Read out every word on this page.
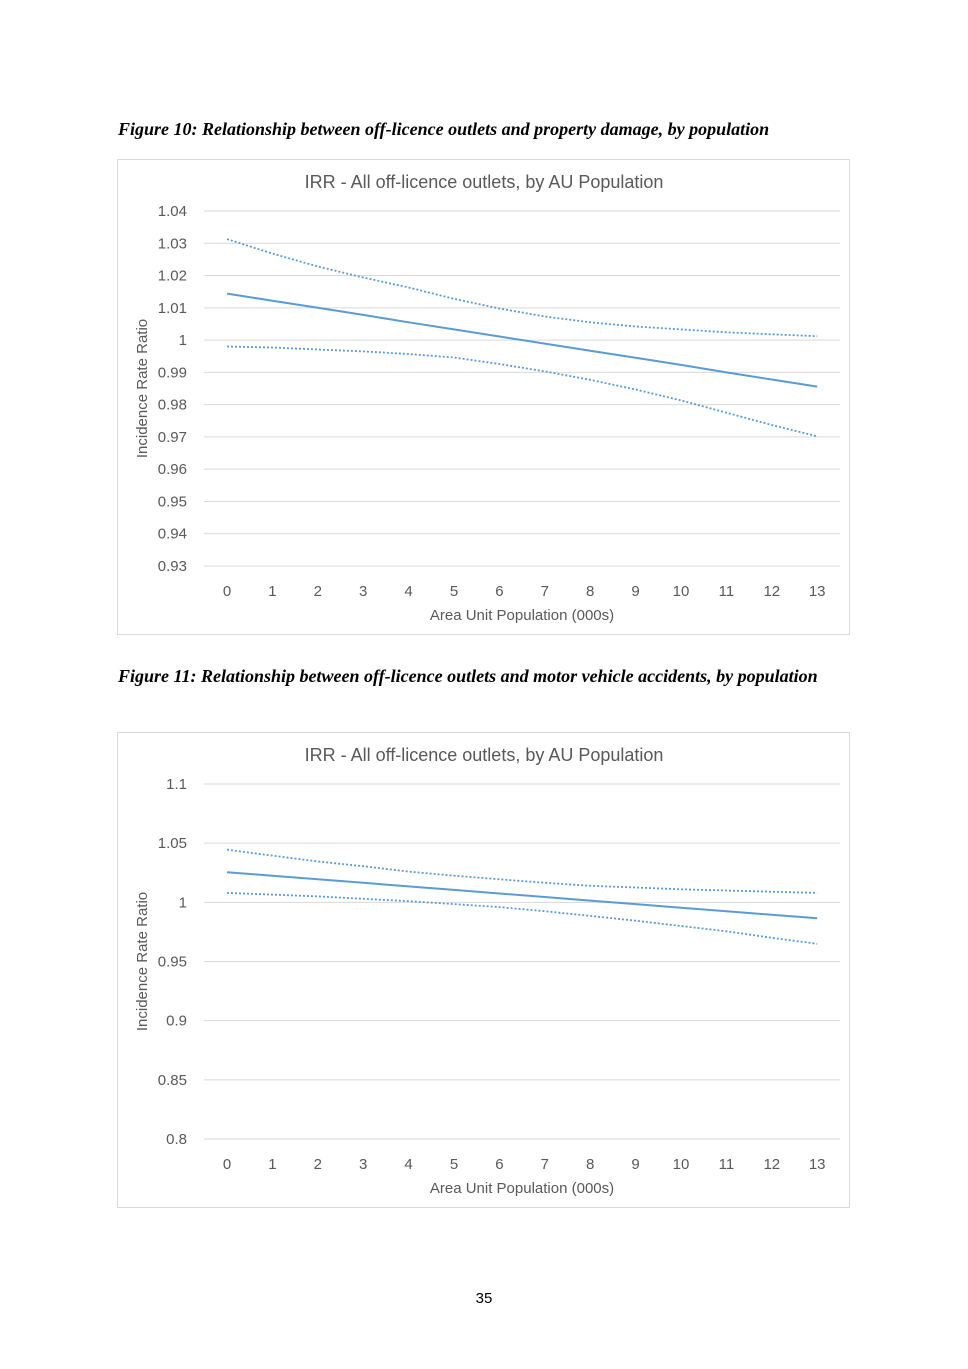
Figure 10: Relationship between off-licence outlets and property damage, by population
IRR - All off-licence outlets, by AU Population
1.04
1.03
1.02
1.01
1
0.99
0.98
0.97
0.96
0.95
0.94
0.93
0 1 2 3 4 5 6 7 8 9 10 11 12 13
Area Unit Population (000s)
Incidence Rate Ratio
Figure 11: Relationship between off-licence outlets and motor vehicle accidents, by population
IRR - All off-licence outlets, by AU Population
1.1
1.05
1
0.95
0.9
0.85
0.8
0 1 2 3 4 5 6 7 8 9 10 11 12 13
Area Unit Population (000s)
Incidence Rate Ratio
35
